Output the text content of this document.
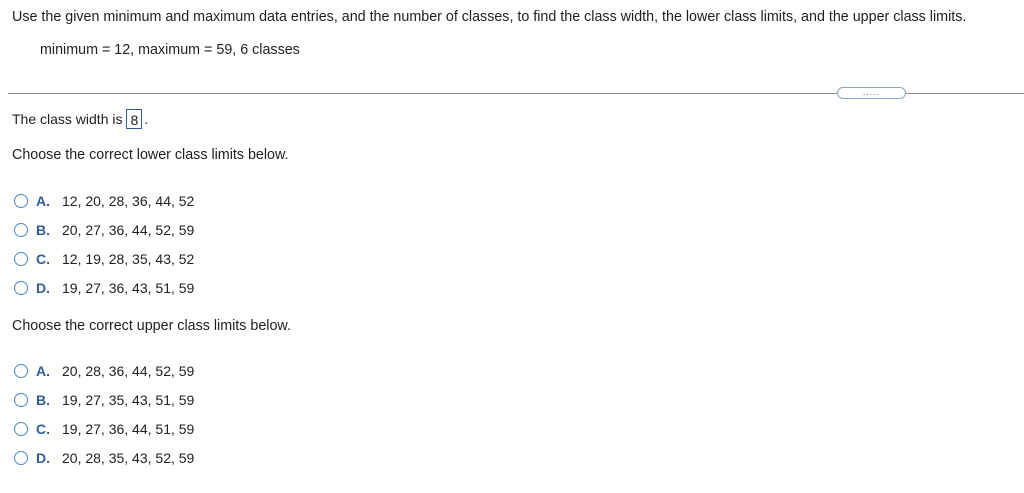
Use the given minimum and maximum data entries, and the number of classes, to find the class width, the lower class limits, and the upper class limits.
minimum = 12, maximum = 59, 6 classes
.....
The class width is 8 .
Choose the correct lower class limits below.
A. 12, 20, 28, 36, 44, 52
B. 20, 27, 36, 44, 52, 59
C. 12, 19, 28, 35, 43, 52
D. 19, 27, 36, 43, 51, 59
Choose the correct upper class limits below.
A. 20, 28, 36, 44, 52, 59
B. 19, 27, 35, 43, 51, 59
C. 19, 27, 36, 44, 51, 59
D. 20, 28, 35, 43, 52, 59
